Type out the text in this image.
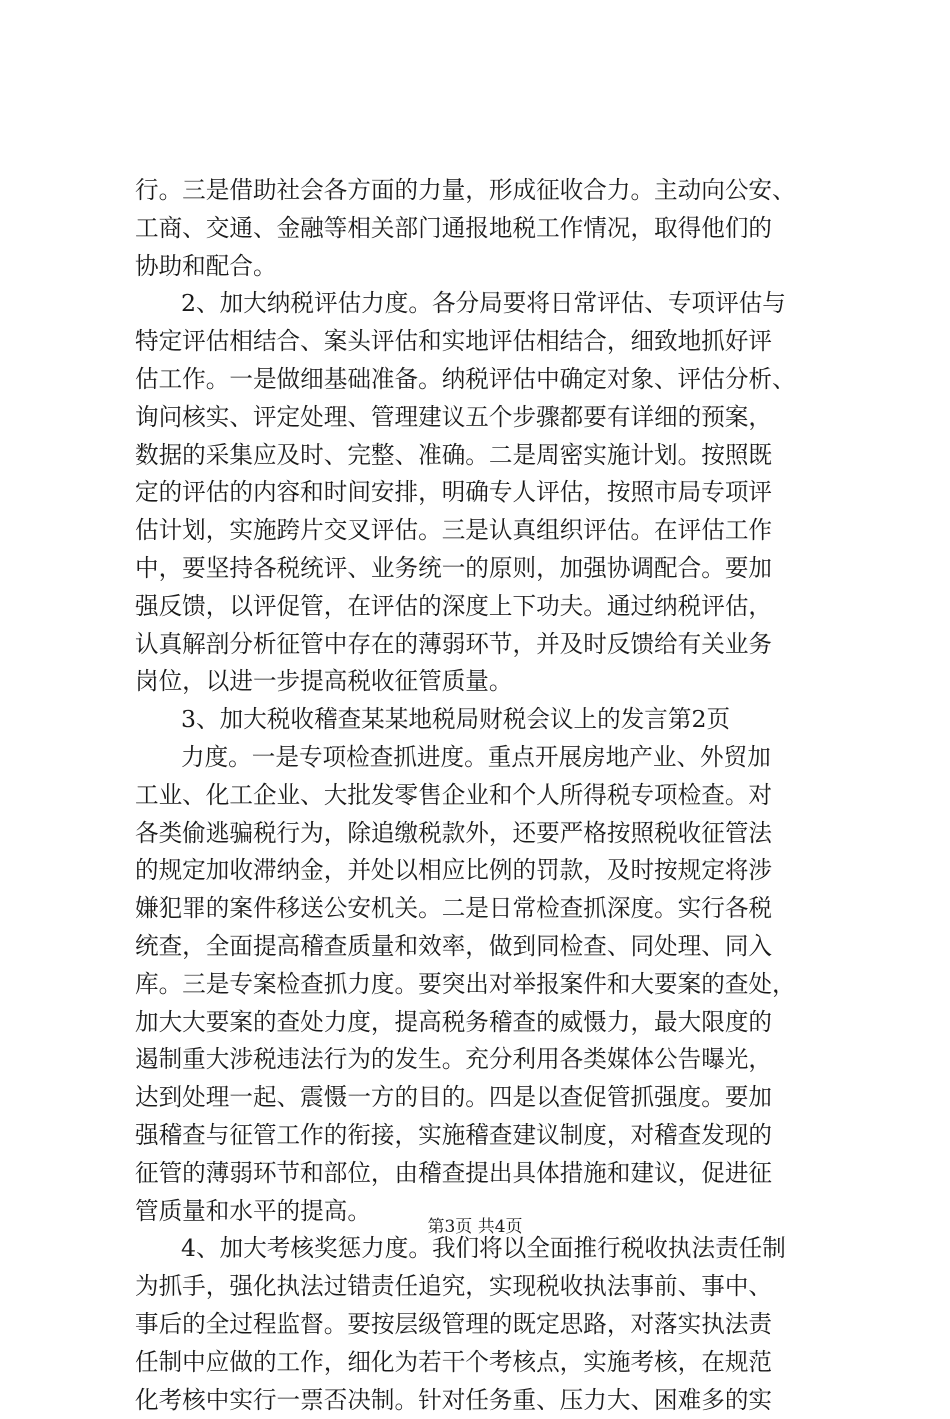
行。三是借助社会各方面的力量，形成征收合力。主动向公安、
工商、交通、金融等相关部门通报地税工作情况，取得他们的
协助和配合。
2、加大纳税评估力度。各分局要将日常评估、专项评估与
特定评估相结合、案头评估和实地评估相结合，细致地抓好评
估工作。一是做细基础准备。纳税评估中确定对象、评估分析、
询问核实、评定处理、管理建议五个步骤都要有详细的预案，
数据的采集应及时、完整、准确。二是周密实施计划。按照既
定的评估的内容和时间安排，明确专人评估，按照市局专项评
估计划，实施跨片交叉评估。三是认真组织评估。在评估工作
中，要坚持各税统评、业务统一的原则，加强协调配合。要加
强反馈，以评促管，在评估的深度上下功夫。通过纳税评估，
认真解剖分析征管中存在的薄弱环节，并及时反馈给有关业务
岗位，以进一步提高税收征管质量。
3、加大税收稽查某某地税局财税会议上的发言第2页
力度。一是专项检查抓进度。重点开展房地产业、外贸加
工业、化工企业、大批发零售企业和个人所得税专项检查。对
各类偷逃骗税行为，除追缴税款外，还要严格按照税收征管法
的规定加收滞纳金，并处以相应比例的罚款，及时按规定将涉
嫌犯罪的案件移送公安机关。二是日常检查抓深度。实行各税
统查，全面提高稽查质量和效率，做到同检查、同处理、同入
库。三是专案检查抓力度。要突出对举报案件和大要案的查处，
加大大要案的查处力度，提高税务稽查的威慑力，最大限度的
遏制重大涉税违法行为的发生。充分利用各类媒体公告曝光，
达到处理一起、震慑一方的目的。四是以查促管抓强度。要加
强稽查与征管工作的衔接，实施稽查建议制度，对稽查发现的
征管的薄弱环节和部位，由稽查提出具体措施和建议，促进征
管质量和水平的提高。
4、加大考核奖惩力度。我们将以全面推行税收执法责任制
为抓手，强化执法过错责任追究，实现税收执法事前、事中、
事后的全过程监督。要按层级管理的既定思路，对落实执法责
任制中应做的工作，细化为若干个考核点，实施考核，在规范
化考核中实行一票否决制。针对任务重、压力大、困难多的实
第3页 共4页
